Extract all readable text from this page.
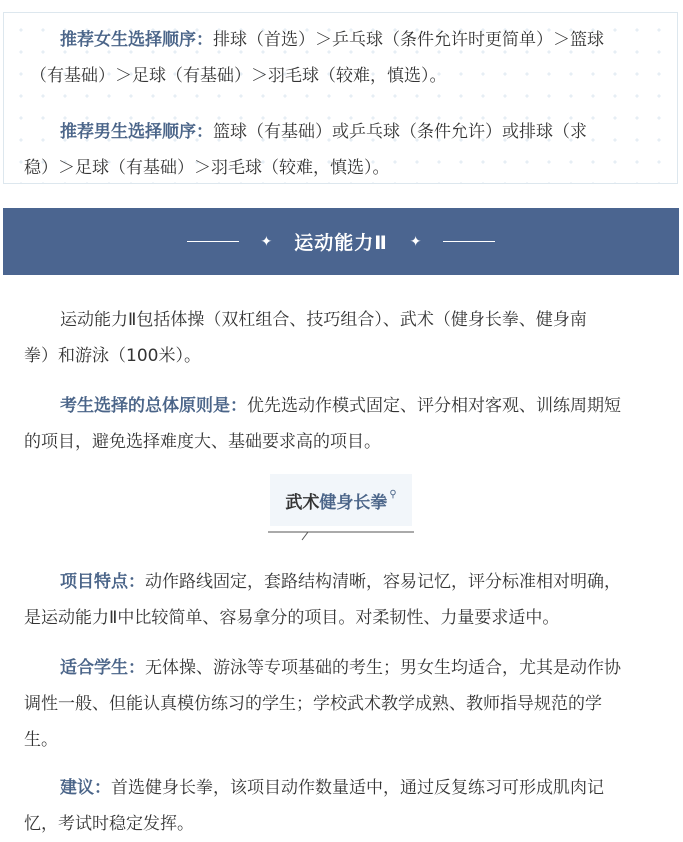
推荐女生选择顺序：排球（首选）＞乒乓球（条件允许时更简单）＞篮球

（有基础）＞足球（有基础）＞羽毛球（较难，慎选）。

推荐男生选择顺序：篮球（有基础）或乒乓球（条件允许）或排球（求

稳）＞足球（有基础）＞羽毛球（较难，慎选）。

✦ 运动能力Ⅱ ✦

运动能力Ⅱ包括体操（双杠组合、技巧组合）、武术（健身长拳、健身南

拳）和游泳（100米）。

考生选择的总体原则是：优先选动作模式固定、评分相对客观、训练周期短

的项目，避免选择难度大、基础要求高的项目。

武术 健身长拳 ⚲

项目特点：动作路线固定，套路结构清晰，容易记忆，评分标准相对明确，

是运动能力Ⅱ中比较简单、容易拿分的项目。对柔韧性、力量要求适中。

适合学生：无体操、游泳等专项基础的考生；男女生均适合，尤其是动作协

调性一般、但能认真模仿练习的学生；学校武术教学成熟、教师指导规范的学

生。

建议：首选健身长拳，该项目动作数量适中，通过反复练习可形成肌肉记

忆，考试时稳定发挥。
